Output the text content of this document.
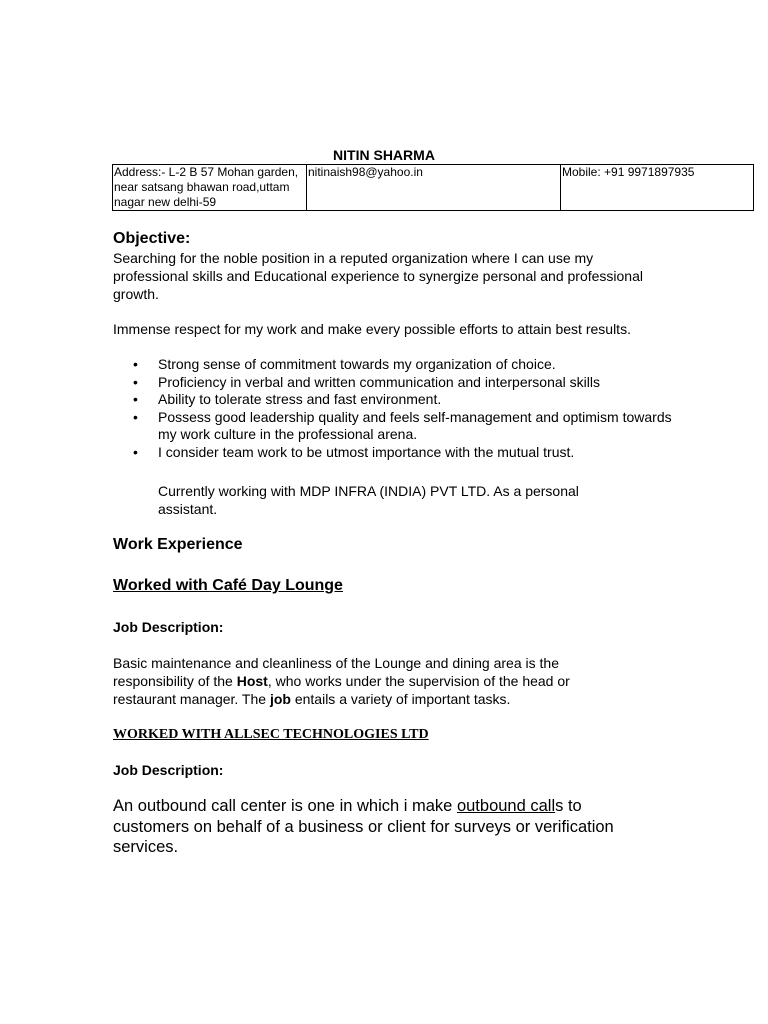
NITIN SHARMA
Address:- L-2 B 57 Mohan garden, near satsang bhawan road,uttam nagar new delhi-59	nitinaish98@yahoo.in	Mobile: +91 9971897935
Objective:
Searching for the noble position in a reputed organization where I can use my professional skills and Educational experience to synergize personal and professional growth.
Immense respect for my work and make every possible efforts to attain best results.
• Strong sense of commitment towards my organization of choice.
• Proficiency in verbal and written communication and interpersonal skills
• Ability to tolerate stress and fast environment.
• Possess good leadership quality and feels self-management and optimism towards my work culture in the professional arena.
• I consider team work to be utmost importance with the mutual trust.
Currently working with MDP INFRA (INDIA) PVT LTD. As a personal assistant.
Work Experience
Worked with Café Day Lounge
Job Description:
Basic maintenance and cleanliness of the Lounge and dining area is the responsibility of the Host, who works under the supervision of the head or restaurant manager. The job entails a variety of important tasks.
WORKED WITH ALLSEC TECHNOLOGIES LTD
Job Description:
An outbound call center is one in which i make outbound calls to customers on behalf of a business or client for surveys or verification services.
